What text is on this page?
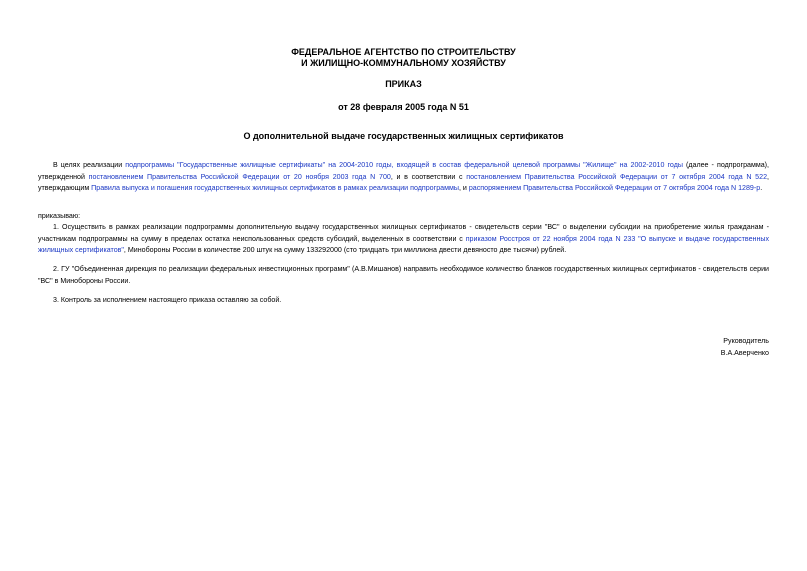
ФЕДЕРАЛЬНОЕ АГЕНТСТВО ПО СТРОИТЕЛЬСТВУ
И ЖИЛИЩНО-КОММУНАЛЬНОМУ ХОЗЯЙСТВУ
ПРИКАЗ
от 28 февраля 2005 года N 51
О дополнительной выдаче государственных жилищных сертификатов
В целях реализации подпрограммы "Государственные жилищные сертификаты" на 2004-2010 годы, входящей в состав федеральной целевой программы "Жилище" на 2002-2010 годы (далее - подпрограмма), утвержденной постановлением Правительства Российской Федерации от 20 ноября 2003 года N 700, и в соответствии с постановлением Правительства Российской Федерации от 7 октября 2004 года N 522, утверждающим Правила выпуска и погашения государственных жилищных сертификатов в рамках реализации подпрограммы, и распоряжением Правительства Российской Федерации от 7 октября 2004 года N 1289-р.
приказываю:
1. Осуществить в рамках реализации подпрограммы дополнительную выдачу государственных жилищных сертификатов - свидетельств серии "ВС" о выделении субсидии на приобретение жилья гражданам - участникам подпрограммы на сумму в пределах остатка неиспользованных средств субсидий, выделенных в соответствии с приказом Росстроя от 22 ноября 2004 года N 233 "О выпуске и выдаче государственных жилищных сертификатов", Минобороны России в количестве 200 штук на сумму 133292000 (сто тридцать три миллиона двести девяносто две тысячи) рублей.
2. ГУ "Объединенная дирекция по реализации федеральных инвестиционных программ" (А.В.Мишанов) направить необходимое количество бланков государственных жилищных сертификатов - свидетельств серии "ВС" в Минобороны России.
3. Контроль за исполнением настоящего приказа оставляю за собой.
Руководитель
В.А.Аверченко
